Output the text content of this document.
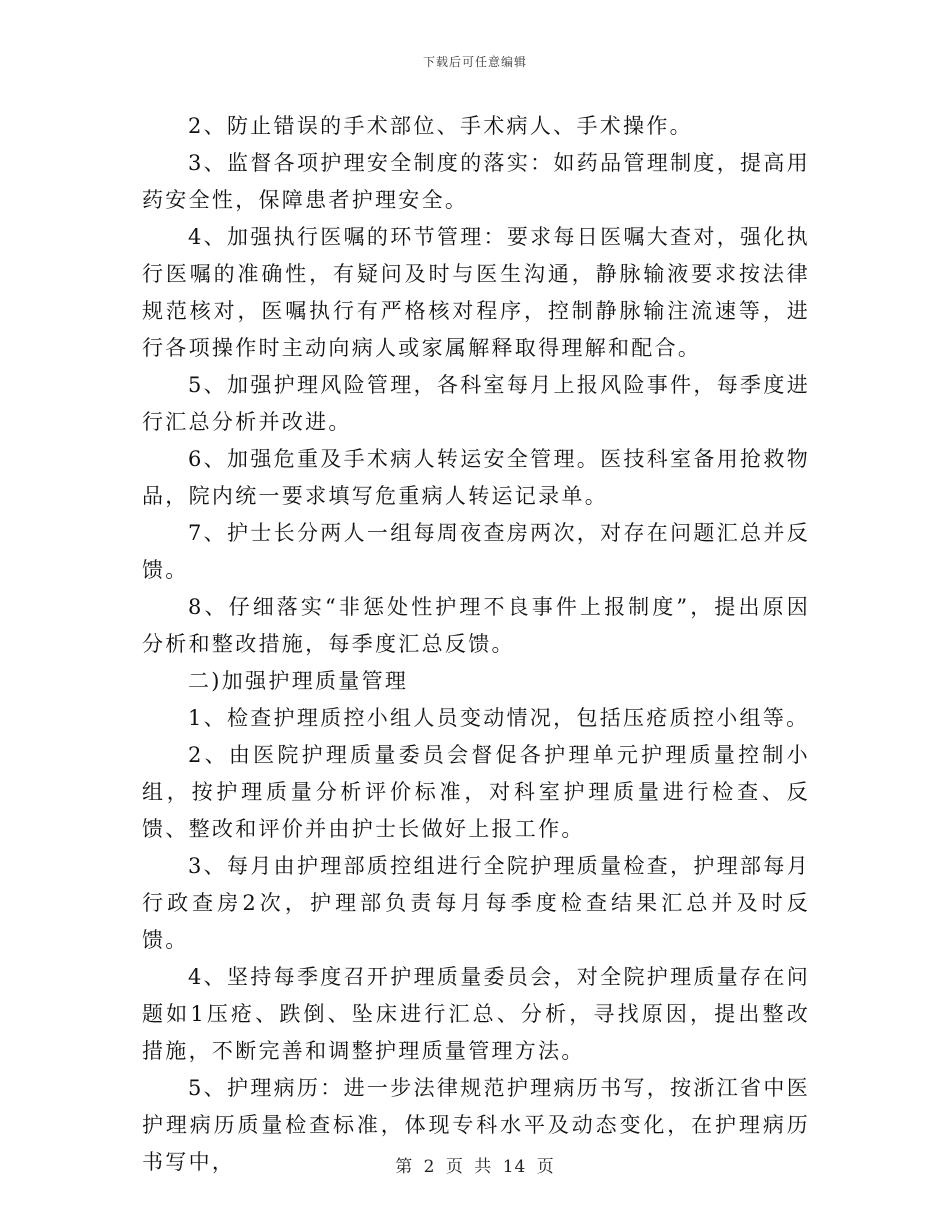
下载后可任意编辑

2、防止错误的手术部位、手术病人、手术操作。

3、监督各项护理安全制度的落实：如药品管理制度，提高用药安全性，保障患者护理安全。

4、加强执行医嘱的环节管理：要求每日医嘱大查对，强化执行医嘱的准确性，有疑问及时与医生沟通，静脉输液要求按法律规范核对，医嘱执行有严格核对程序，控制静脉输注流速等，进行各项操作时主动向病人或家属解释取得理解和配合。

5、加强护理风险管理，各科室每月上报风险事件，每季度进行汇总分析并改进。

6、加强危重及手术病人转运安全管理。医技科室备用抢救物品，院内统一要求填写危重病人转运记录单。

7、护士长分两人一组每周夜查房两次，对存在问题汇总并反馈。

8、仔细落实“非惩处性护理不良事件上报制度”，提出原因分析和整改措施，每季度汇总反馈。

二)加强护理质量管理

1、检查护理质控小组人员变动情况，包括压疮质控小组等。

2、由医院护理质量委员会督促各护理单元护理质量控制小组，按护理质量分析评价标准，对科室护理质量进行检查、反馈、整改和评价并由护士长做好上报工作。

3、每月由护理部质控组进行全院护理质量检查，护理部每月行政查房2次，护理部负责每月每季度检查结果汇总并及时反馈。

4、坚持每季度召开护理质量委员会，对全院护理质量存在问题如1压疮、跌倒、坠床进行汇总、分析，寻找原因，提出整改措施，不断完善和调整护理质量管理方法。

5、护理病历：进一步法律规范护理病历书写，按浙江省中医护理病历质量检查标准，体现专科水平及动态变化，在护理病历书写中，	第 2 页 共 14 页
